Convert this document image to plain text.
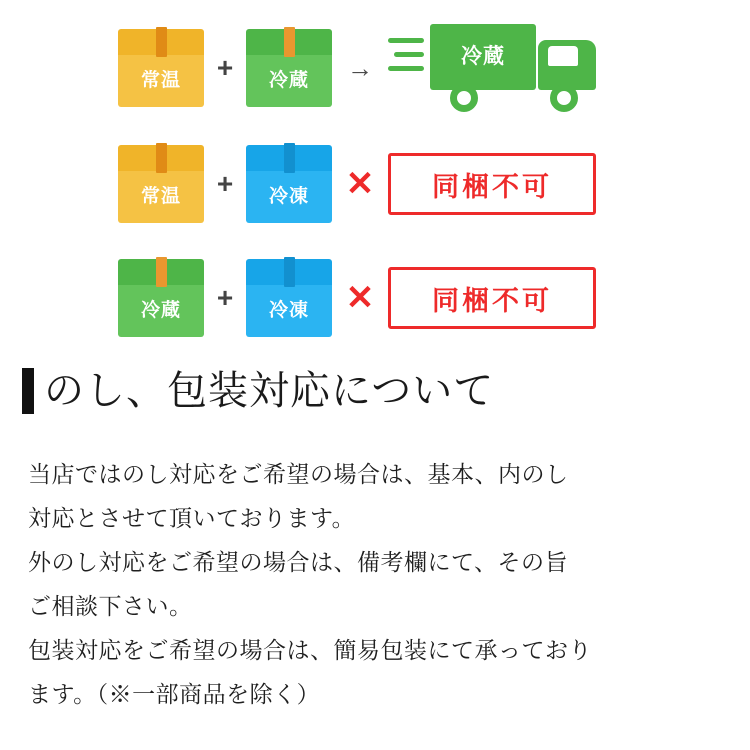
常温	+	冷蔵	→	冷蔵
常温	+	冷凍	✕	同梱不可
冷蔵	+	冷凍	✕	同梱不可
のし、包装対応について

当店ではのし対応をご希望の場合は、基本、内のし

対応とさせて頂いております。

外のし対応をご希望の場合は、備考欄にて、その旨

ご相談下さい。

包装対応をご希望の場合は、簡易包装にて承っており

ます。（※一部商品を除く）
